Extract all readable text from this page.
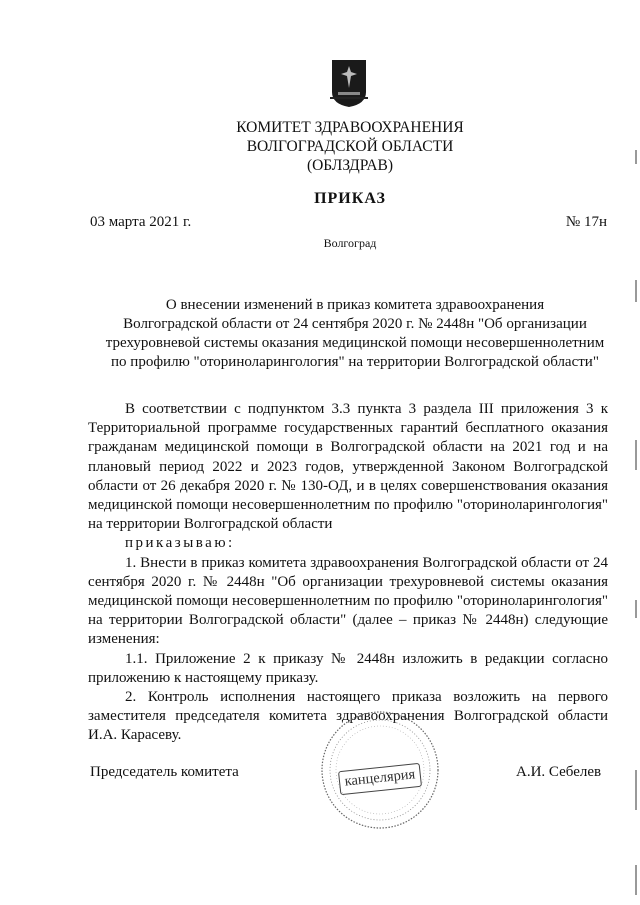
КОМИТЕТ ЗДРАВООХРАНЕНИЯ
ВОЛГОГРАДСКОЙ ОБЛАСТИ
(ОБЛЗДРАВ)
ПРИКАЗ
03 марта 2021 г.	№ 17н
Волгоград
О внесении изменений в приказ комитета здравоохранения
Волгоградской области от 24 сентября 2020 г. № 2448н "Об организации
трехуровневой системы оказания медицинской помощи несовершеннолетним
по профилю "оториноларингология" на территории Волгоградской области"

В соответствии с подпунктом 3.3 пункта 3 раздела III приложения 3 к Территориальной программе государственных гарантий бесплатного оказания гражданам медицинской помощи в Волгоградской области на 2021 год и на плановый период 2022 и 2023 годов, утвержденной Законом Волгоградской области от 26 декабря 2020 г. № 130-ОД, и в целях совершенствования оказания медицинской помощи несовершеннолетним по профилю "оториноларингология" на территории Волгоградской области

приказываю:

1. Внести в приказ комитета здравоохранения Волгоградской области от 24 сентября 2020 г. № 2448н "Об организации трехуровневой системы оказания медицинской помощи несовершеннолетним по профилю "оториноларингология" на территории Волгоградской области" (далее – приказ № 2448н) следующие изменения:

1.1. Приложение 2 к приказу № 2448н изложить в редакции согласно приложению к настоящему приказу.

2. Контроль исполнения настоящего приказа возложить на первого заместителя председателя комитета здравоохранения Волгоградской области И.А. Карасеву.

Председатель комитета	А.И. Себелев
канцелярия
